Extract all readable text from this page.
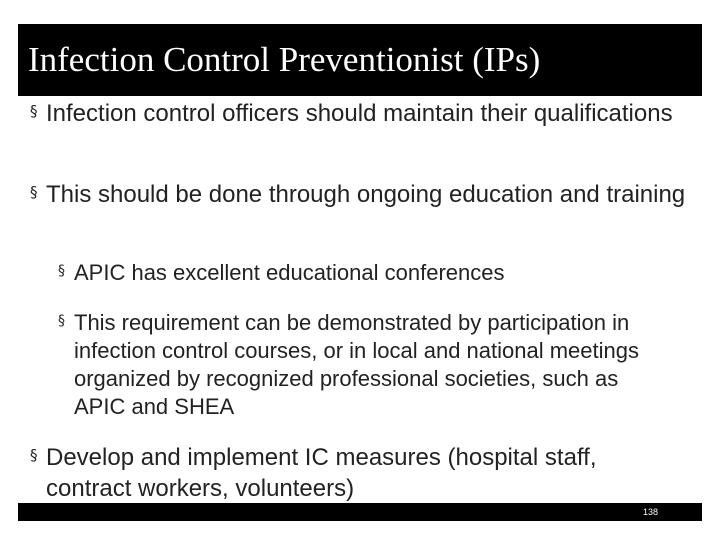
Infection Control Preventionist (IPs)
§ Infection control officers should maintain their qualifications
§ This should be done through ongoing education and training
§ APIC has excellent educational conferences
§ This requirement can be demonstrated by participation in infection control courses, or in local and national meetings organized by recognized professional societies, such as APIC and SHEA
§ Develop and implement IC measures (hospital staff, contract workers, volunteers)
138
